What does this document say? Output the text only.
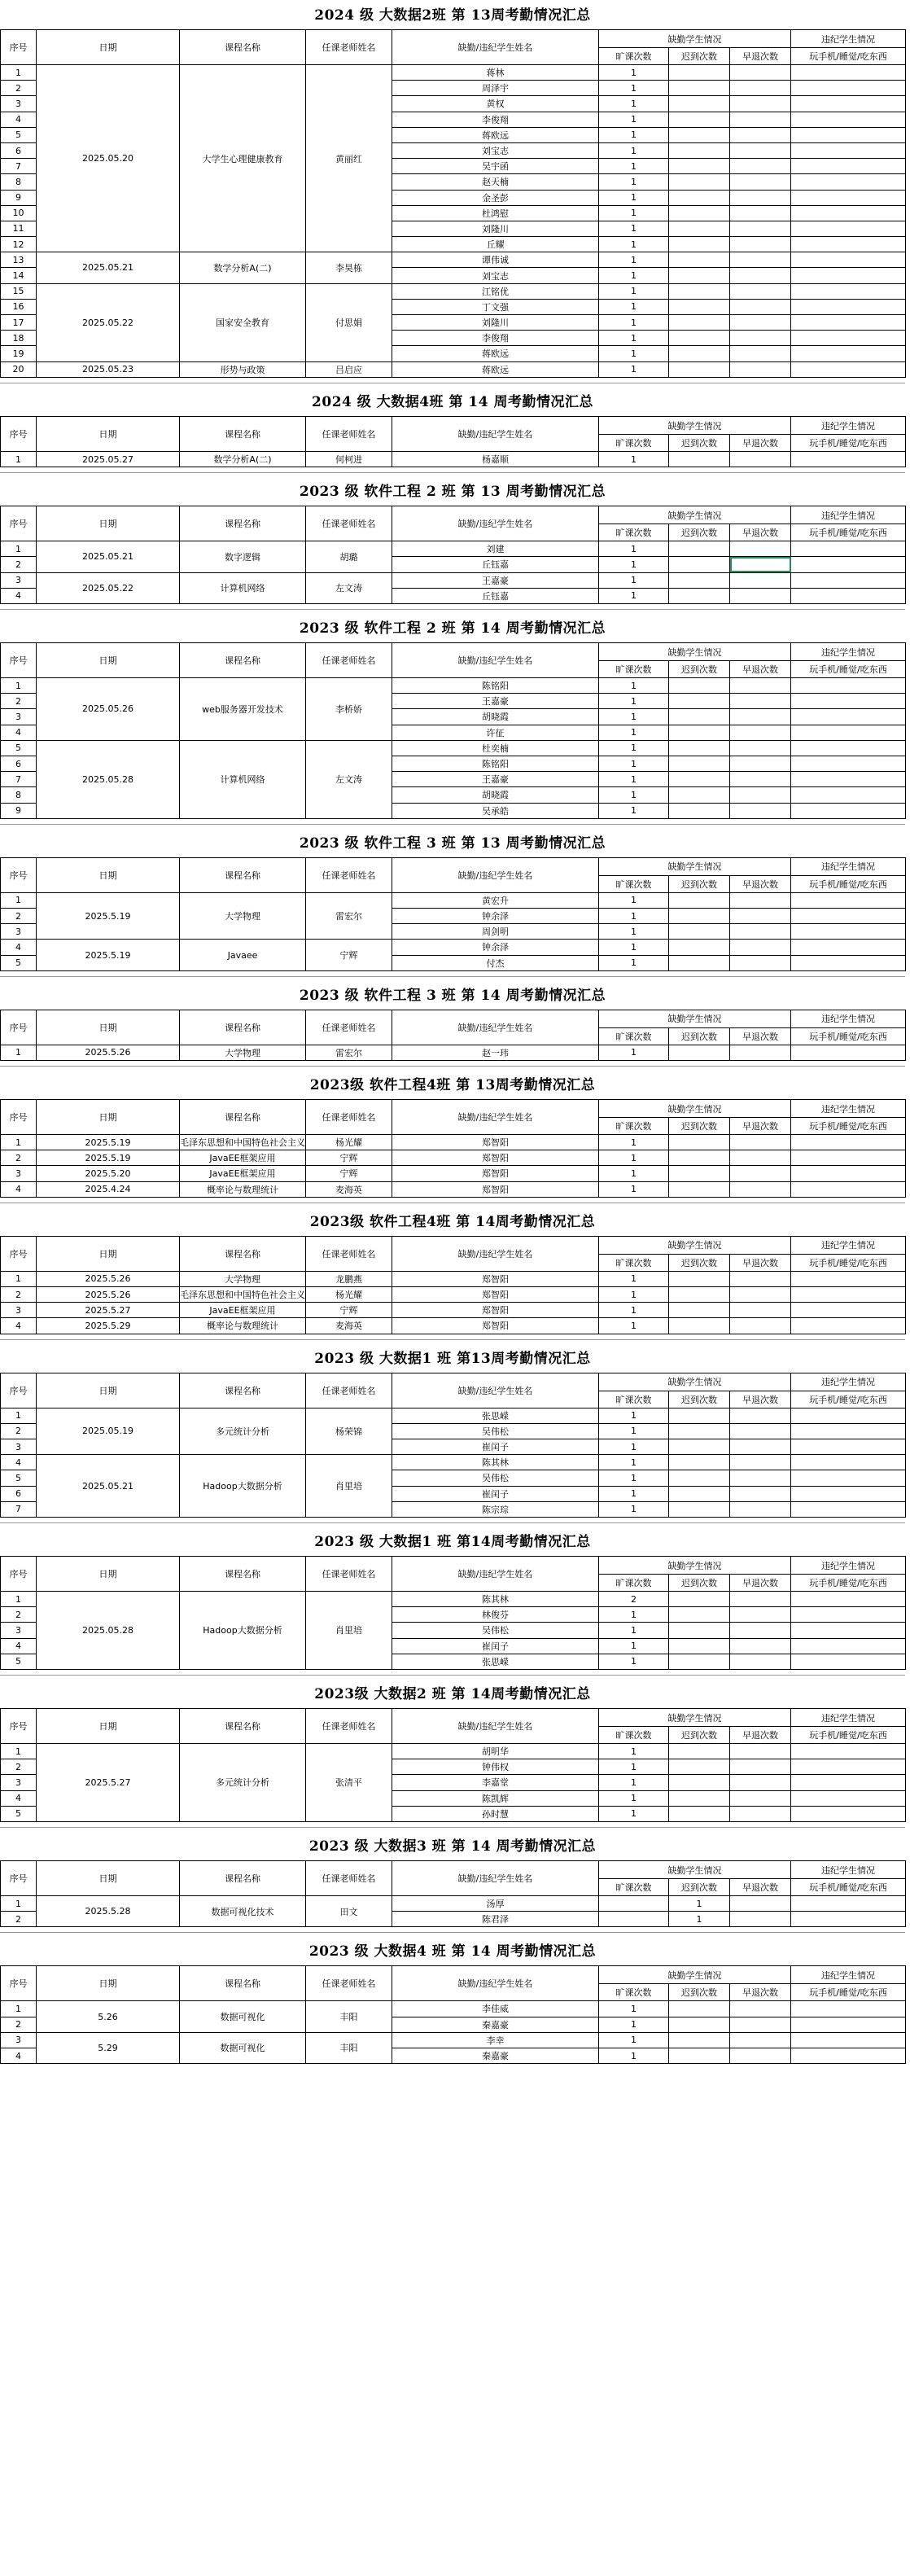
2024 级 大数据2班 第 13周考勤情况汇总
序号	日期	课程名称	任课老师姓名	缺勤/违纪学生姓名	缺勤学生情况			违纪学生情况
					旷课次数	迟到次数	早退次数	玩手机/睡觉/吃东西
1	2025.05.20	大学生心理健康教育	黄丽红	蒋林	1			
2				周泽宇	1			
3				黄权	1			
4				李俊翔	1			
5				蒋欧远	1			
6				刘宝志	1			
7				吴宇函	1			
8				赵天楠	1			
9				金圣彭	1			
10				杜鸿慰	1			
11				刘隆川	1			
12				丘耀	1			
13	2025.05.21	数学分析A(二)	李昊栋	谭伟诚	1			
14				刘宝志	1			
15	2025.05.22	国家安全教育	付思娟	江铭优	1			
16				丁文强	1			
17				刘隆川	1			
18				李俊翔	1			
19				蒋欧远	1			
20	2025.05.23	形势与政策	吕启应	蒋欧远	1			
2024 级 大数据4班 第 14 周考勤情况汇总
序号	日期	课程名称	任课老师姓名	缺勤/违纪学生姓名	缺勤学生情况			违纪学生情况
					旷课次数	迟到次数	早退次数	玩手机/睡觉/吃东西
1	2025.05.27	数学分析A(二)	何柯进	杨嘉顺	1			
2023 级 软件工程 2 班 第 13 周考勤情况汇总
序号	日期	课程名称	任课老师姓名	缺勤/违纪学生姓名	缺勤学生情况			违纪学生情况
					旷课次数	迟到次数	早退次数	玩手机/睡觉/吃东西
1	2025.05.21	数字逻辑	胡璐	刘建	1			
2				丘钰嘉	1			
3	2025.05.22	计算机网络	左文涛	王嘉豪	1			
4				丘钰嘉	1			
2023 级 软件工程 2 班 第 14 周考勤情况汇总
序号	日期	课程名称	任课老师姓名	缺勤/违纪学生姓名	缺勤学生情况			违纪学生情况
					旷课次数	迟到次数	早退次数	玩手机/睡觉/吃东西
1	2025.05.26	web服务器开发技术	李桥娇	陈铭阳	1			
2				王嘉豪	1			
3				胡晓霞	1			
4				许征	1			
5	2025.05.28	计算机网络	左文涛	杜奕楠	1			
6				陈铭阳	1			
7				王嘉豪	1			
8				胡晓霞	1			
9				吴承皓	1			
2023 级 软件工程 3 班 第 13 周考勤情况汇总
序号	日期	课程名称	任课老师姓名	缺勤/违纪学生姓名	缺勤学生情况			违纪学生情况
					旷课次数	迟到次数	早退次数	玩手机/睡觉/吃东西
1	2025.5.19	大学物理	雷宏尔	黄宏升	1			
2				钟余泽	1			
3				周剑明	1			
4	2025.5.19	Javaee	宁辉	钟余泽	1			
5				付杰	1			
2023 级 软件工程 3 班 第 14 周考勤情况汇总
序号	日期	课程名称	任课老师姓名	缺勤/违纪学生姓名	缺勤学生情况			违纪学生情况
					旷课次数	迟到次数	早退次数	玩手机/睡觉/吃东西
1	2025.5.26	大学物理	雷宏尔	赵一玮	1			
2023级 软件工程4班 第 13周考勤情况汇总
序号	日期	课程名称	任课老师姓名	缺勤/违纪学生姓名	缺勤学生情况			违纪学生情况
					旷课次数	迟到次数	早退次数	玩手机/睡觉/吃东西
1	2025.5.19	毛泽东思想和中国特色社会主义	杨光耀	郑智阳	1			
2	2025.5.19	JavaEE框架应用	宁辉	郑智阳	1			
3	2025.5.20	JavaEE框架应用	宁辉	郑智阳	1			
4	2025.4.24	概率论与数理统计	麦海英	郑智阳	1			
2023级 软件工程4班 第 14周考勤情况汇总
序号	日期	课程名称	任课老师姓名	缺勤/违纪学生姓名	缺勤学生情况			违纪学生情况
					旷课次数	迟到次数	早退次数	玩手机/睡觉/吃东西
1	2025.5.26	大学物理	龙鹏燕	郑智阳	1			
2	2025.5.26	毛泽东思想和中国特色社会主义	杨光耀	郑智阳	1			
3	2025.5.27	JavaEE框架应用	宁辉	郑智阳	1			
4	2025.5.29	概率论与数理统计	麦海英	郑智阳	1			
2023 级 大数据1 班 第13周考勤情况汇总
序号	日期	课程名称	任课老师姓名	缺勤/违纪学生姓名	缺勤学生情况			违纪学生情况
					旷课次数	迟到次数	早退次数	玩手机/睡觉/吃东西
1	2025.05.19	多元统计分析	杨荣锦	张思嵘	1			
2				吴伟松	1			
3				崔闰子	1			
4	2025.05.21	Hadoop大数据分析	肖里培	陈其林	1			
5				吴伟松	1			
6				崔闰子	1			
7				陈宗琮	1			
2023 级 大数据1 班 第14周考勤情况汇总
序号	日期	课程名称	任课老师姓名	缺勤/违纪学生姓名	缺勤学生情况			违纪学生情况
					旷课次数	迟到次数	早退次数	玩手机/睡觉/吃东西
1	2025.05.28	Hadoop大数据分析	肖里培	陈其林	2			
2				林俊芬	1			
3				吴伟松	1			
4				崔闰子	1			
5				张思嵘	1			
2023级 大数据2 班 第 14周考勤情况汇总
序号	日期	课程名称	任课老师姓名	缺勤/违纪学生姓名	缺勤学生情况			违纪学生情况
					旷课次数	迟到次数	早退次数	玩手机/睡觉/吃东西
1	2025.5.27	多元统计分析	张清平	胡明华	1			
2				钟伟权	1			
3				李嘉堂	1			
4				陈凯辉	1			
5				孙时慧	1			
2023 级 大数据3 班 第 14 周考勤情况汇总
序号	日期	课程名称	任课老师姓名	缺勤/违纪学生姓名	缺勤学生情况			违纪学生情况
					旷课次数	迟到次数	早退次数	玩手机/睡觉/吃东西
1	2025.5.28	数据可视化技术	田文	汤厚		1		
2				陈君泽		1		
2023 级 大数据4 班 第 14 周考勤情况汇总
序号	日期	课程名称	任课老师姓名	缺勤/违纪学生姓名	缺勤学生情况			违纪学生情况
					旷课次数	迟到次数	早退次数	玩手机/睡觉/吃东西
1	5.26	数据可视化	丰阳	李佳威	1			
2				秦嘉豪	1			
3	5.29	数据可视化	丰阳	李幸	1			
4				秦嘉豪	1			
